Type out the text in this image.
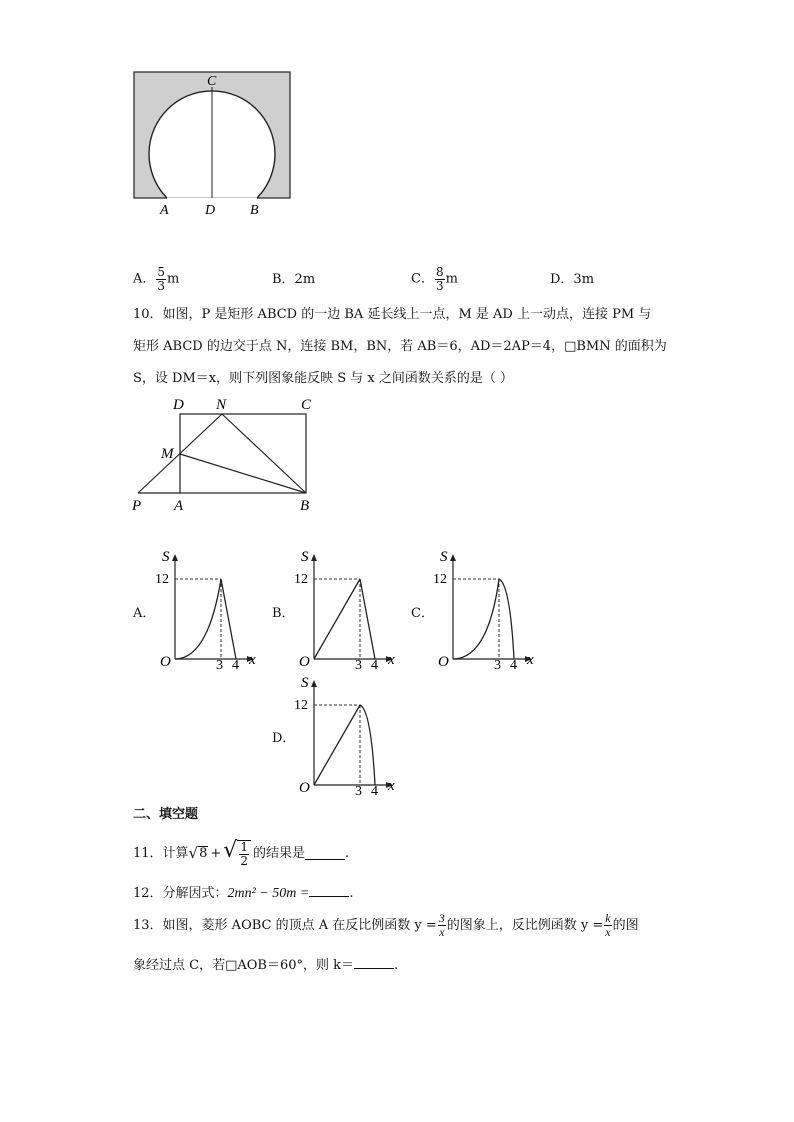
C
A	D B
A． $\frac{5}{3}$ m	B．2m	C． $\frac{8}{3}$ m	D．3m
10．如图，P 是矩形 ABCD 的一边 BA 延长线上一点，M 是 AD 上一动点，连接 PM 与
矩形 ABCD 的边交于点 N，连接 BM，BN，若 AB＝6，AD＝2AP＝4，□BMN 的面积为
S，设 DM＝x，则下列图象能反映 S 与 x 之间函数关系的是（ ）
D N	C
M
P A	B
A．	B．	C．
D．
S
12
O	3 4 x
S
12
O	3 4 x
S
12
O	3 4 x
S
12
O	3 4 x
二、填空题
11．计算 √ 8 + √ $\frac{1}{2}$ 的结果是	.
12．分解因式：2mn² − 50m =	.
13．如图，菱形 AOBC 的顶点 A 在反比例函数 $y = \frac{3}{x}$ 的图象上，反比例函数 $y = \frac{k}{x}$ 的图
象经过点 C，若□AOB＝60°，则 k＝	.
